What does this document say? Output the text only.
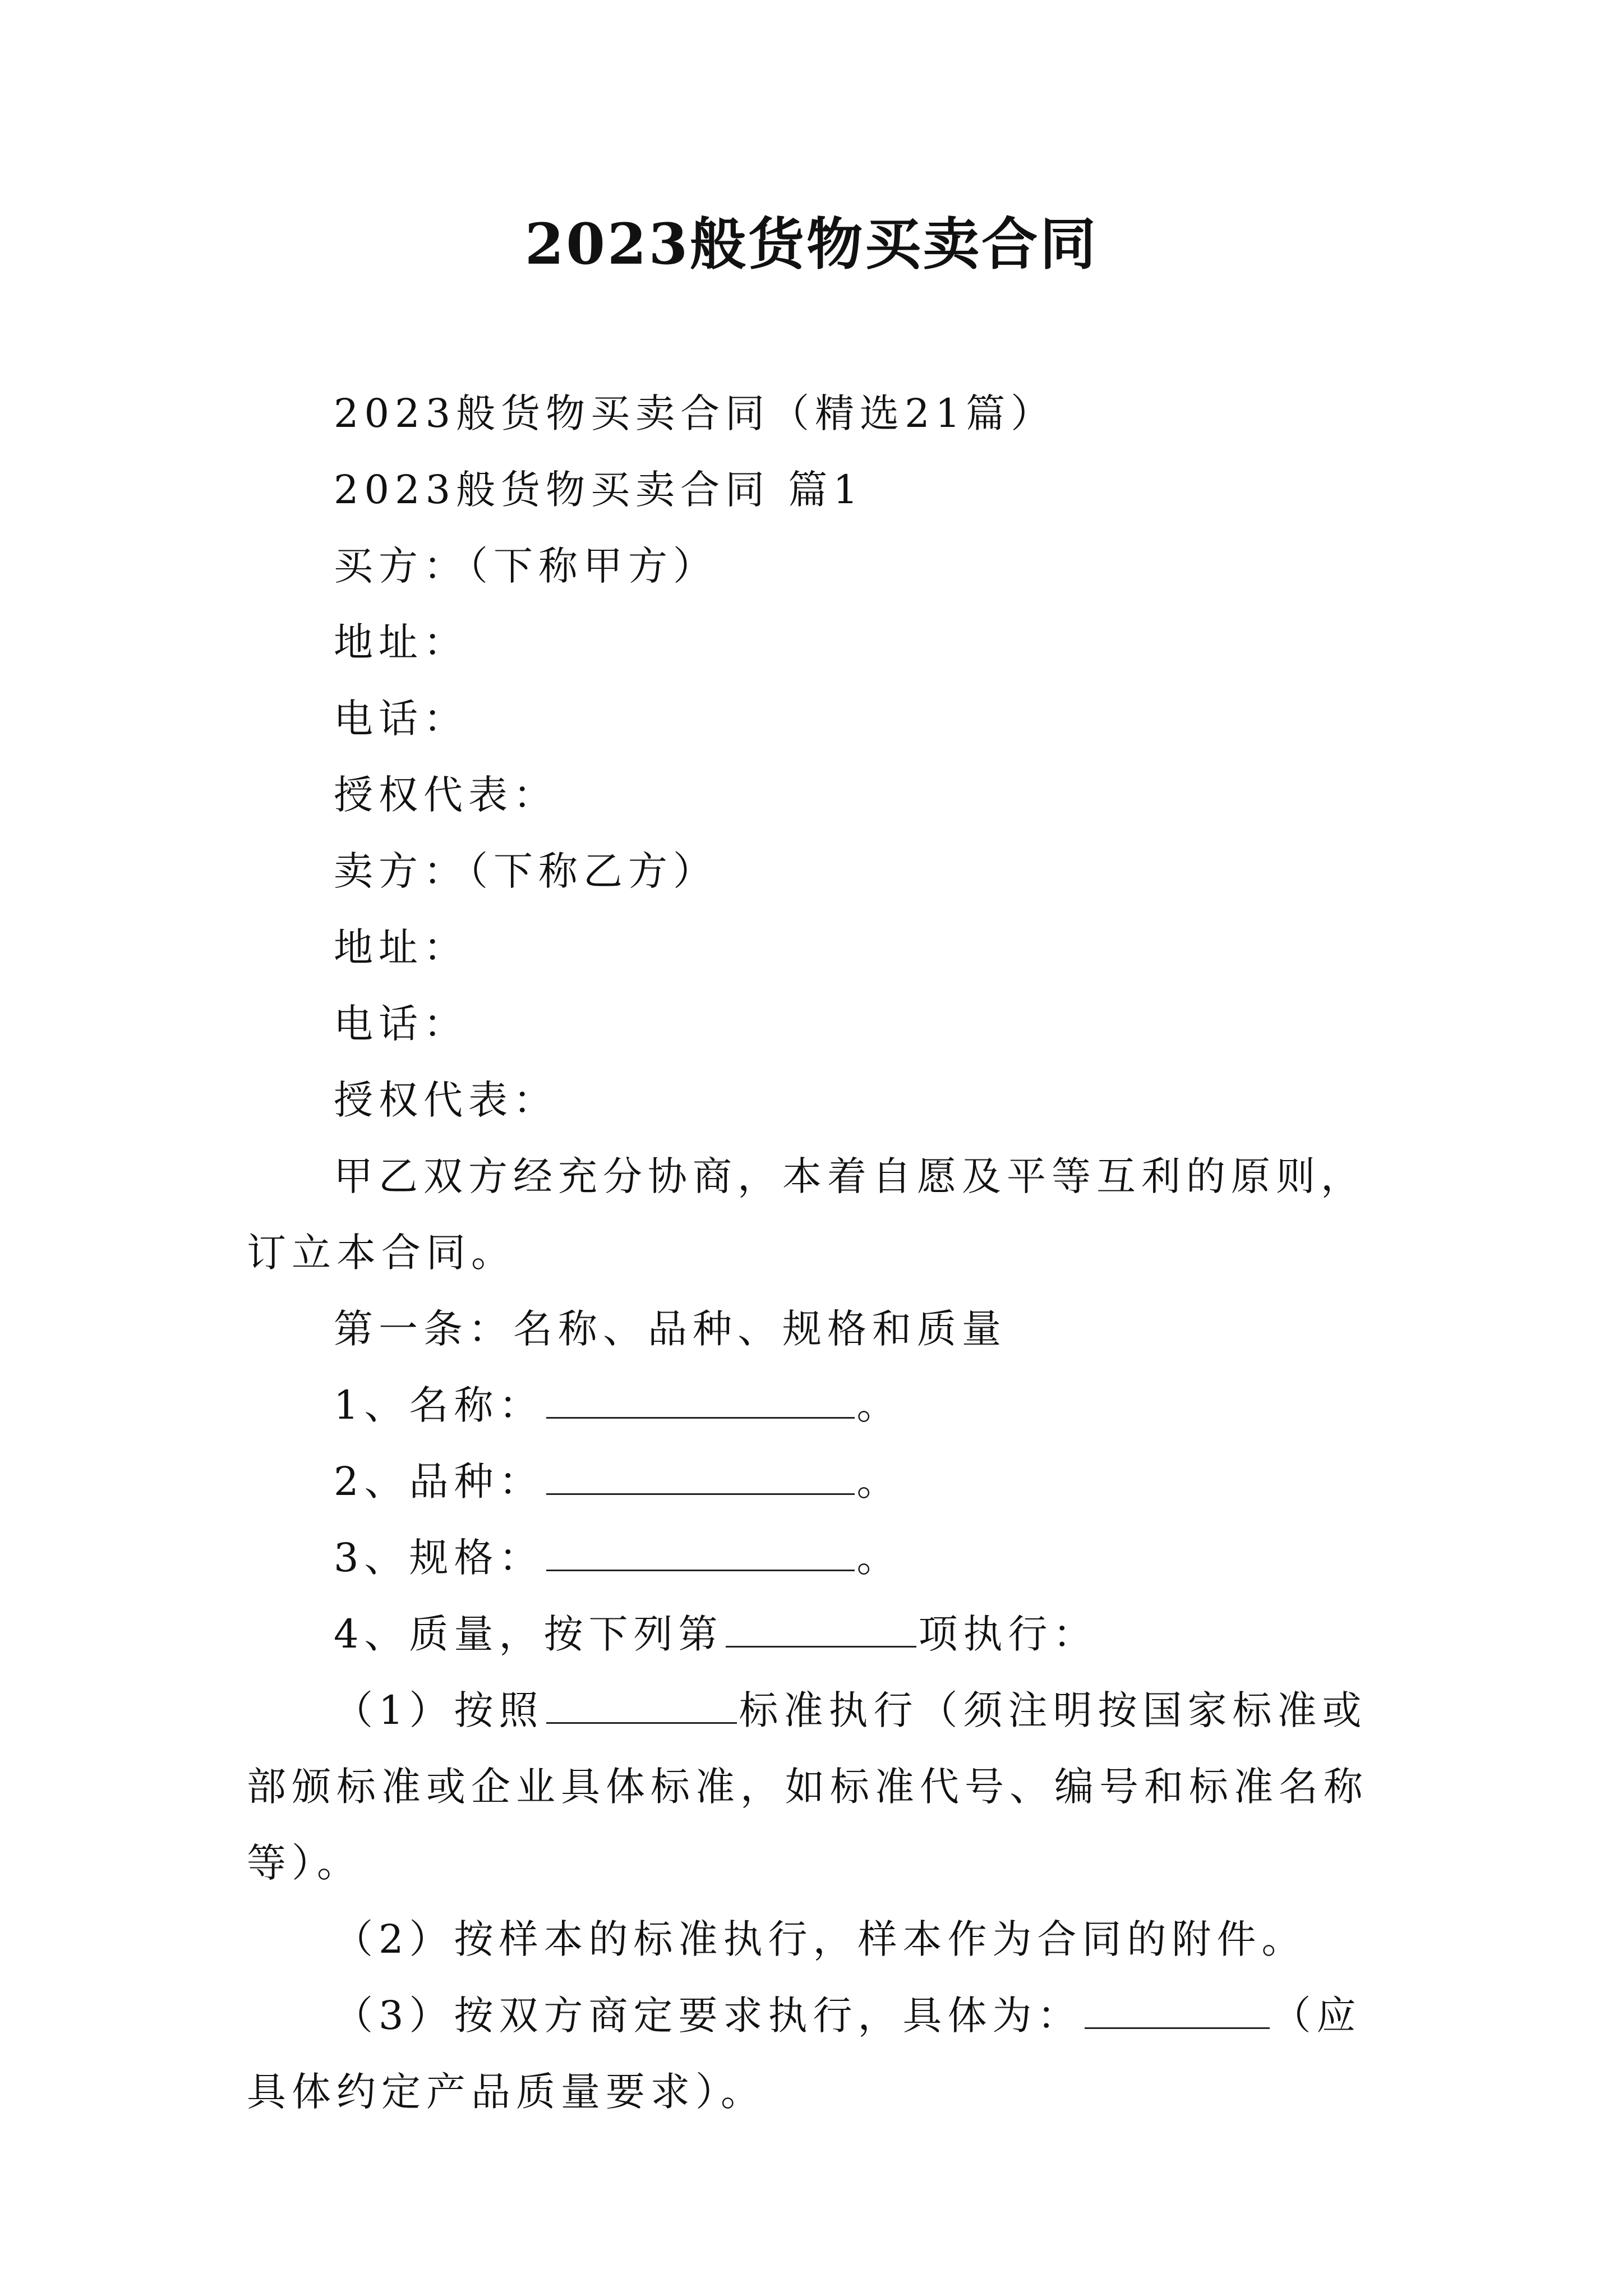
2023般货物买卖合同

2023般货物买卖合同（精选21篇）

2023般货物买卖合同 篇1

买方：（下称甲方）

地址：

电话：

授权代表：

卖方：（下称乙方）

地址：

电话：

授权代表：

甲乙双方经充分协商，本着自愿及平等互利的原则，订立本合同。

第一条：名称、品种、规格和质量

1、名称：	。

2、品种：	。

3、规格：	。

4、质量，按下列第	项执行：

（1）按照	标准执行（须注明按国家标准或部颁标准或企业具体标准，如标准代号、编号和标准名称等）。

（2）按样本的标准执行，样本作为合同的附件。

（3）按双方商定要求执行，具体为：	（应具体约定产品质量要求）。
